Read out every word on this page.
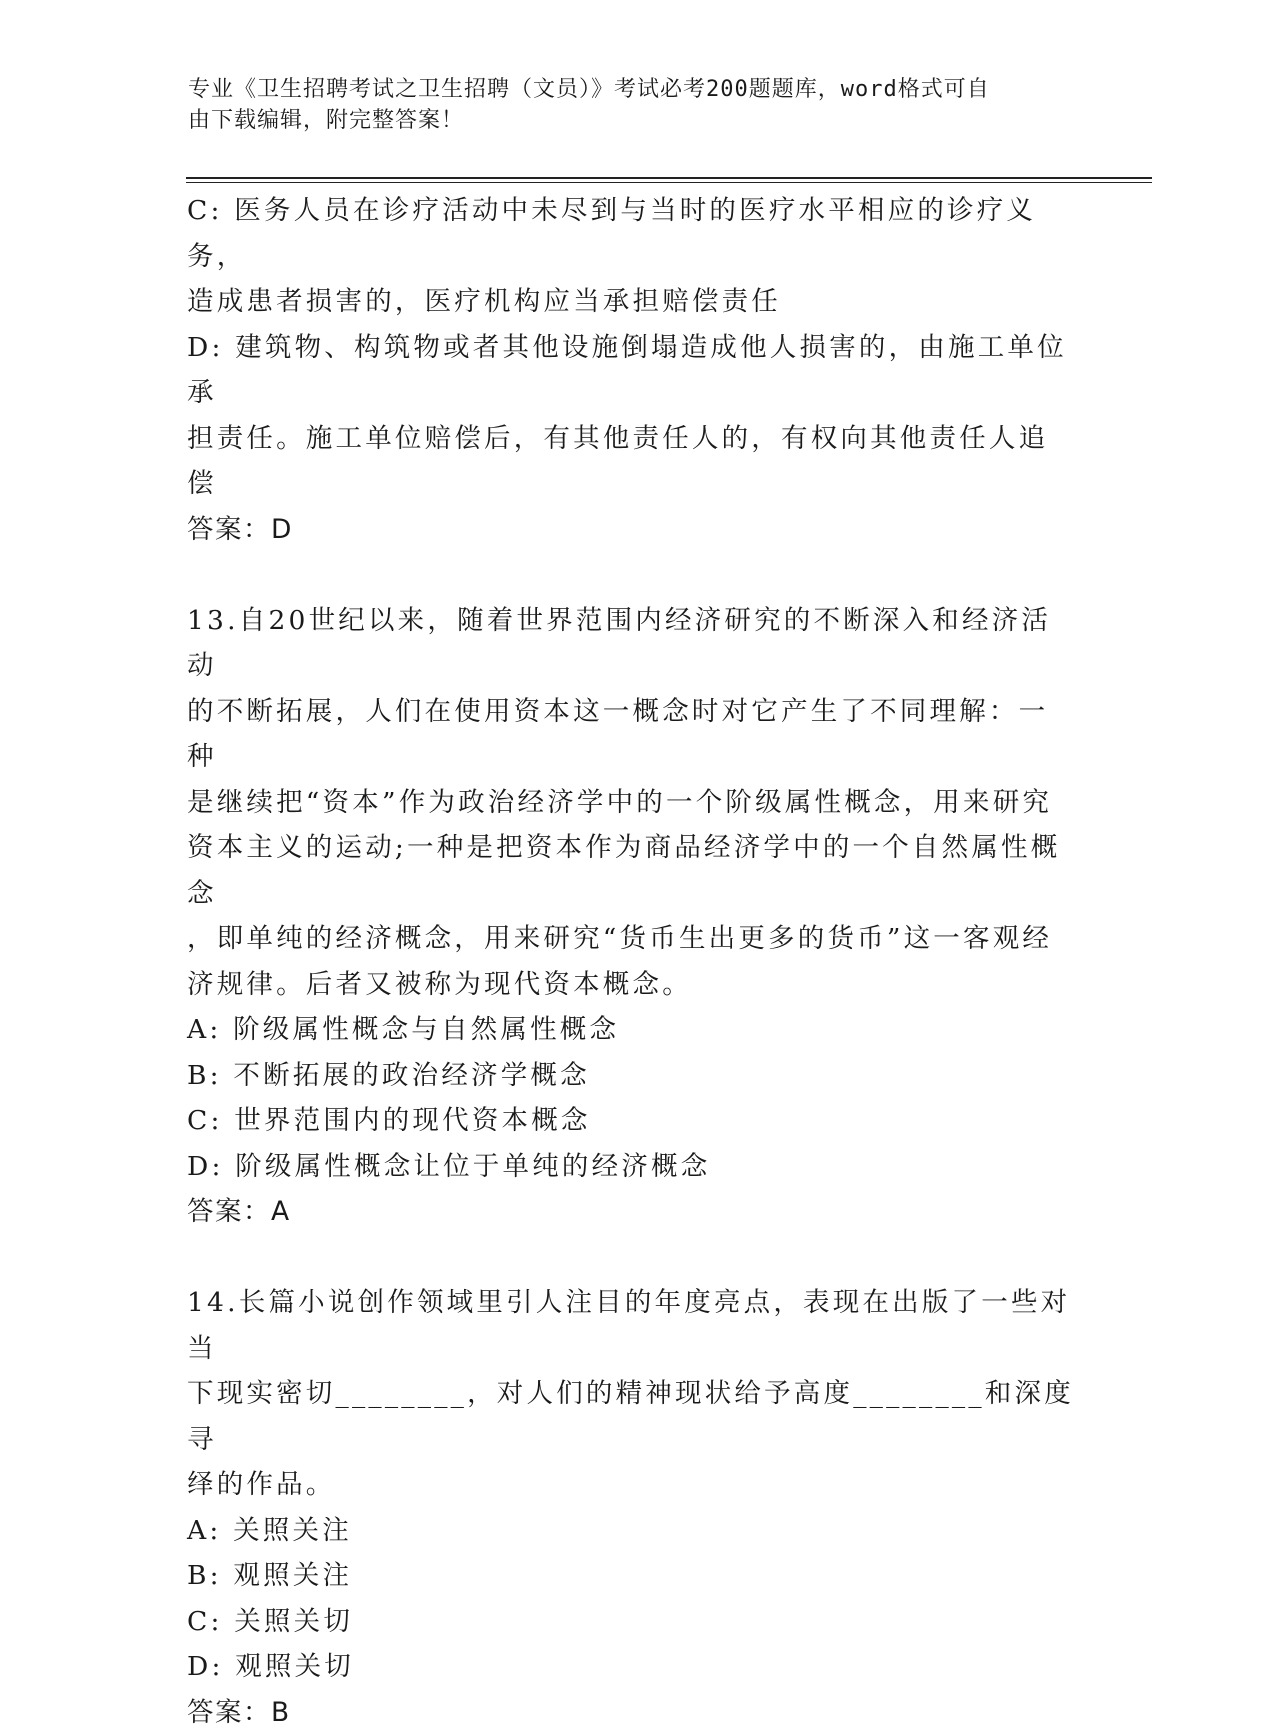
专业《卫生招聘考试之卫生招聘（文员）》考试必考200题题库，word格式可自
由下载编辑，附完整答案！
C: 医务人员在诊疗活动中未尽到与当时的医疗水平相应的诊疗义务，
造成患者损害的，医疗机构应当承担赔偿责任
D: 建筑物、构筑物或者其他设施倒塌造成他人损害的，由施工单位承
担责任。施工单位赔偿后，有其他责任人的，有权向其他责任人追偿
答案：D
13.自20世纪以来，随着世界范围内经济研究的不断深入和经济活动
的不断拓展，人们在使用资本这一概念时对它产生了不同理解：一种
是继续把“资本”作为政治经济学中的一个阶级属性概念，用来研究
资本主义的运动;一种是把资本作为商品经济学中的一个自然属性概念
，即单纯的经济概念，用来研究“货币生出更多的货币”这一客观经
济规律。后者又被称为现代资本概念。
A: 阶级属性概念与自然属性概念
B: 不断拓展的政治经济学概念
C: 世界范围内的现代资本概念
D: 阶级属性概念让位于单纯的经济概念
答案：A
14.长篇小说创作领域里引人注目的年度亮点，表现在出版了一些对当
下现实密切________，对人们的精神现状给予高度________和深度寻
绎的作品。
A: 关照关注
B: 观照关注
C: 关照关切
D: 观照关切
答案：B
